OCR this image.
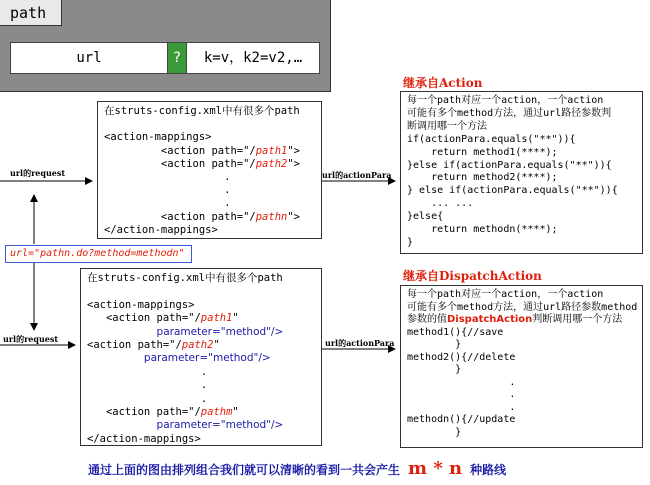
path
url	?	k=v，k2=v2,…
url的request
url的request
url的actionPara
url的actionPara
url="pathn.do?method=methodn"
在struts-config.xml中有很多个path

<action-mappings>
<action path="/path1">
<action path="/path2">
.
.
.
<action path="/pathn">
</action-mappings>
在struts-config.xml中有很多个path

<action-mappings>
<action path="/path1"
parameter="method"/>
<action path="/path2"
parameter="method"/>
.
.
.
<action path="/pathm"
parameter="method"/>
</action-mappings>
继承自Action
每一个path对应一个action，一个action
可能有多个method方法，通过url路径参数判
断调用哪一个方法
if(actionPara.equals("**")){
return method1(****);
}else if(actionPara.equals("**")){
return method2(****);
} else if(actionPara.equals("**")){
... ...
}else{
return methodn(****);
}
继承自DispatchAction
每一个path对应一个action，一个action
可能有多个method方法，通过url路径参数method
参数的值DispatchAction判断调用哪一个方法
method1(){//save
}
method2(){//delete
}
.
.
.
methodn(){//update
}
通过上面的图由排列组合我们就可以清晰的看到一共会产生 m * n 种路线
